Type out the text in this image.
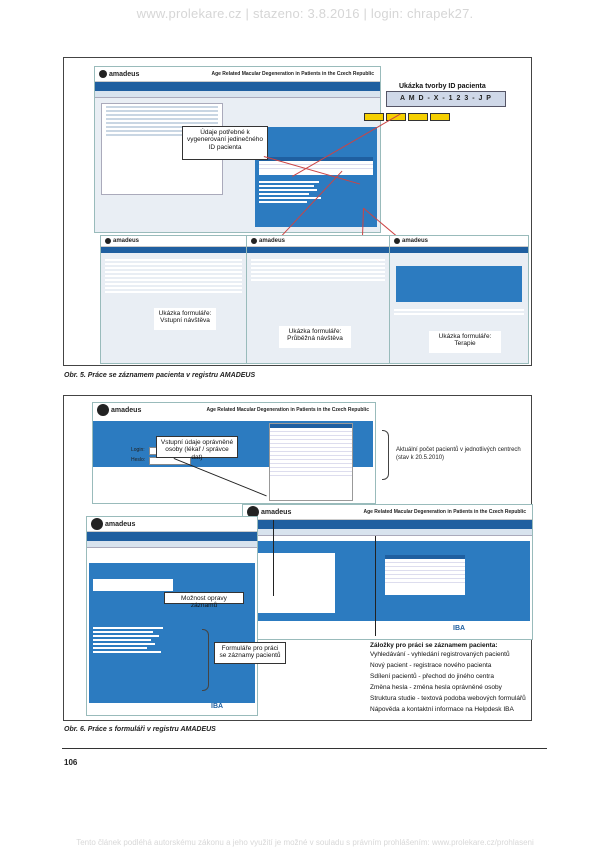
www.prolekare.cz | stazeno: 3.8.2016 | login: chrapek27.
amadeus	Age Related Macular Degeneration in Patients in the Czech Republic
Ukázka tvorby ID pacienta
A M D - X - 1 2 3 - J P
Údaje potřebné k vygenerovaní jedinečného ID pacienta
amadeus	amadeus	amadeus
Ukázka formuláře: Vstupní návštěva
Ukázka formuláře: Průběžná návštěva	Ukázka formuláře: Terapie
Obr. 5. Práce se záznamem pacienta v registru AMADEUS
amadeus	Age Related Macular Degeneration in Patients in the Czech Republic
Login:
Heslo:
Vstupní údaje oprávněné osoby (lékař / správce dat)
Aktuální počet pacientů v jednotlivých centrech (stav k 20.5.2010)
amadeus	Age Related Macular Degeneration in Patients in the Czech Republic
IBA
amadeus
IBA
Možnost opravy záznamů
Formuláře pro práci se záznamy pacientů
Záložky pro práci se záznamem pacienta:
Vyhledávání - vyhledání registrovaných pacientů
Nový pacient - registrace nového pacienta
Sdílení pacientů - přechod do jiného centra
Změna hesla - změna hesla oprávněné osoby
Struktura studie - textová podoba webových formulářů
Nápověda a kontaktní informace na Helpdesk IBA
Obr. 6. Práce s formuláři v registru AMADEUS
106
Tento článek podléhá autorskému zákonu a jeho využití je možné v souladu s právním prohlášením: www.prolekare.cz/prohlaseni
